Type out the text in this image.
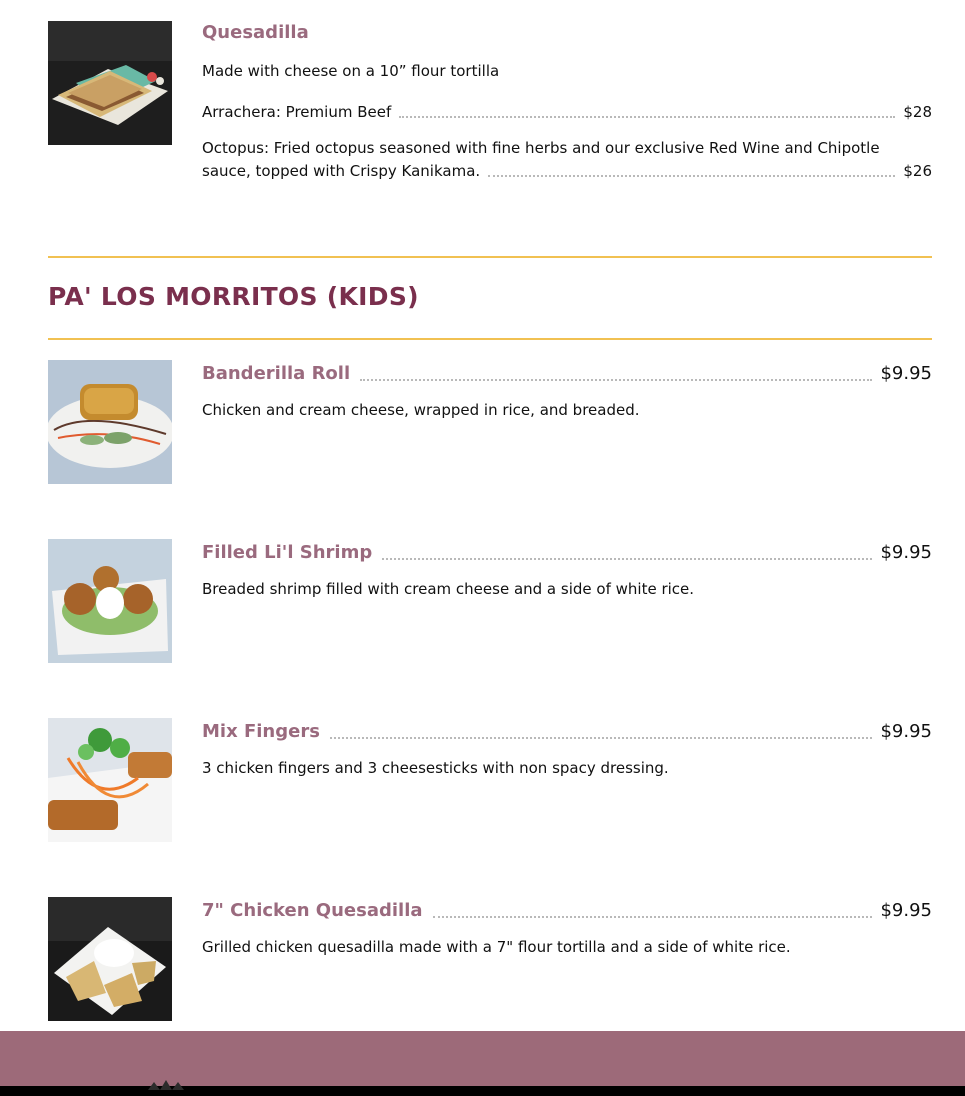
Quesadilla
Made with cheese on a 10” flour tortilla
Arrachera: Premium Beef	$28
Octopus: Fried octopus seasoned with fine herbs and our exclusive Red Wine and Chipotle
sauce, topped with Crispy Kanikama.	$26
PA' LOS MORRITOS (KIDS)
Banderilla Roll	$9.95
Chicken and cream cheese, wrapped in rice, and breaded.
Filled Li'l Shrimp	$9.95
Breaded shrimp filled with cream cheese and a side of white rice.
Mix Fingers	$9.95
3 chicken fingers and 3 cheesesticks with non spacy dressing.
7" Chicken Quesadilla	$9.95
Grilled chicken quesadilla made with a 7" flour tortilla and a side of white rice.
